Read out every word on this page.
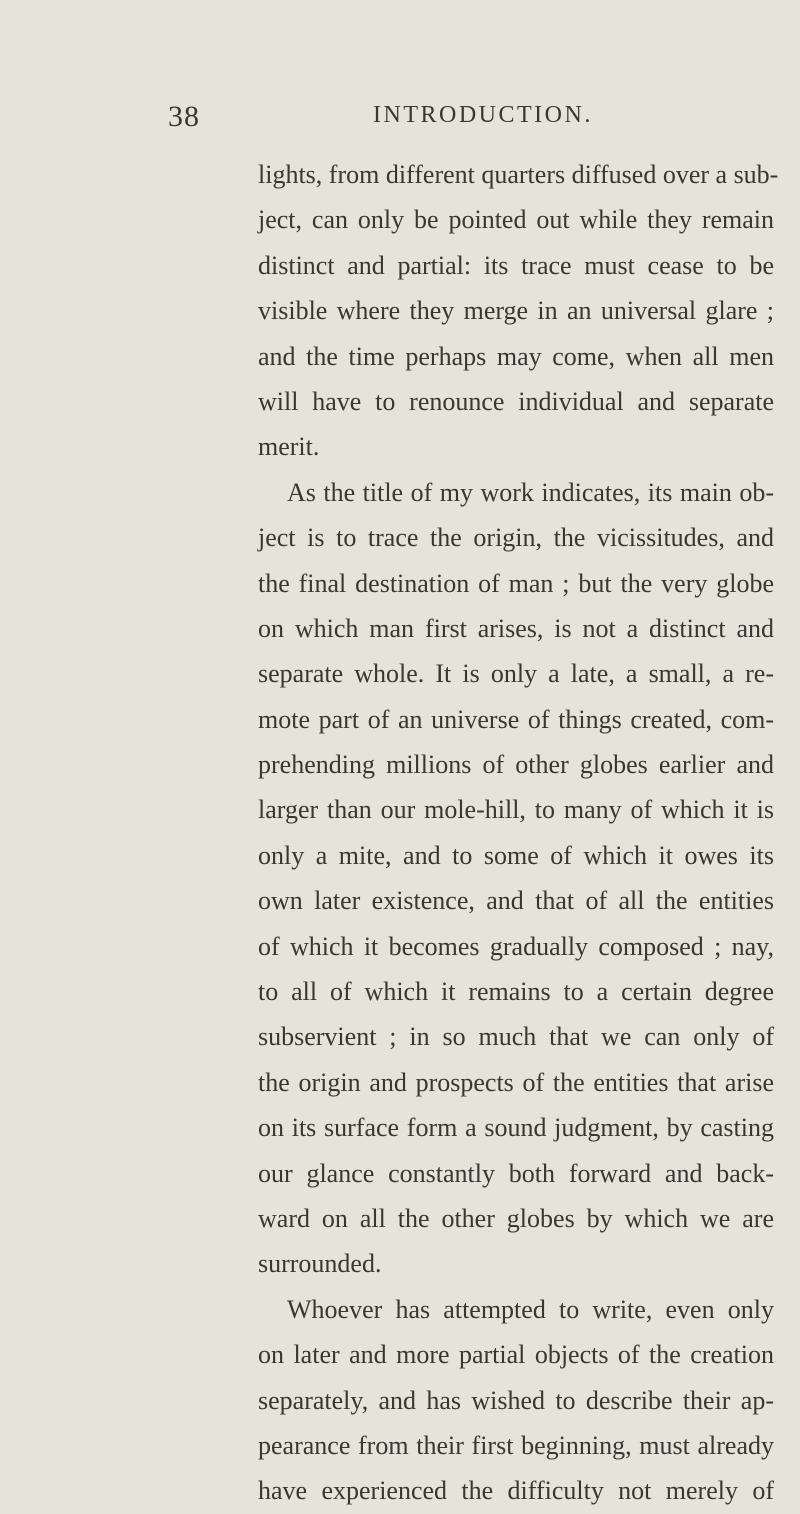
38	INTRODUCTION.
lights, from different quarters diffused over a sub-
ject, can only be pointed out while they remain
distinct and partial: its trace must cease to be
visible where they merge in an universal glare ;
and the time perhaps may come, when all men
will have to renounce individual and separate
merit.
As the title of my work indicates, its main ob-
ject is to trace the origin, the vicissitudes, and
the final destination of man ; but the very globe
on which man first arises, is not a distinct and
separate whole. It is only a late, a small, a re-
mote part of an universe of things created, com-
prehending millions of other globes earlier and
larger than our mole-hill, to many of which it is
only a mite, and to some of which it owes its
own later existence, and that of all the entities
of which it becomes gradually composed ; nay,
to all of which it remains to a certain degree
subservient ; in so much that we can only of
the origin and prospects of the entities that arise
on its surface form a sound judgment, by casting
our glance constantly both forward and back-
ward on all the other globes by which we are
surrounded.
Whoever has attempted to write, even only
on later and more partial objects of the creation
separately, and has wished to describe their ap-
pearance from their first beginning, must already
have experienced the difficulty not merely of
